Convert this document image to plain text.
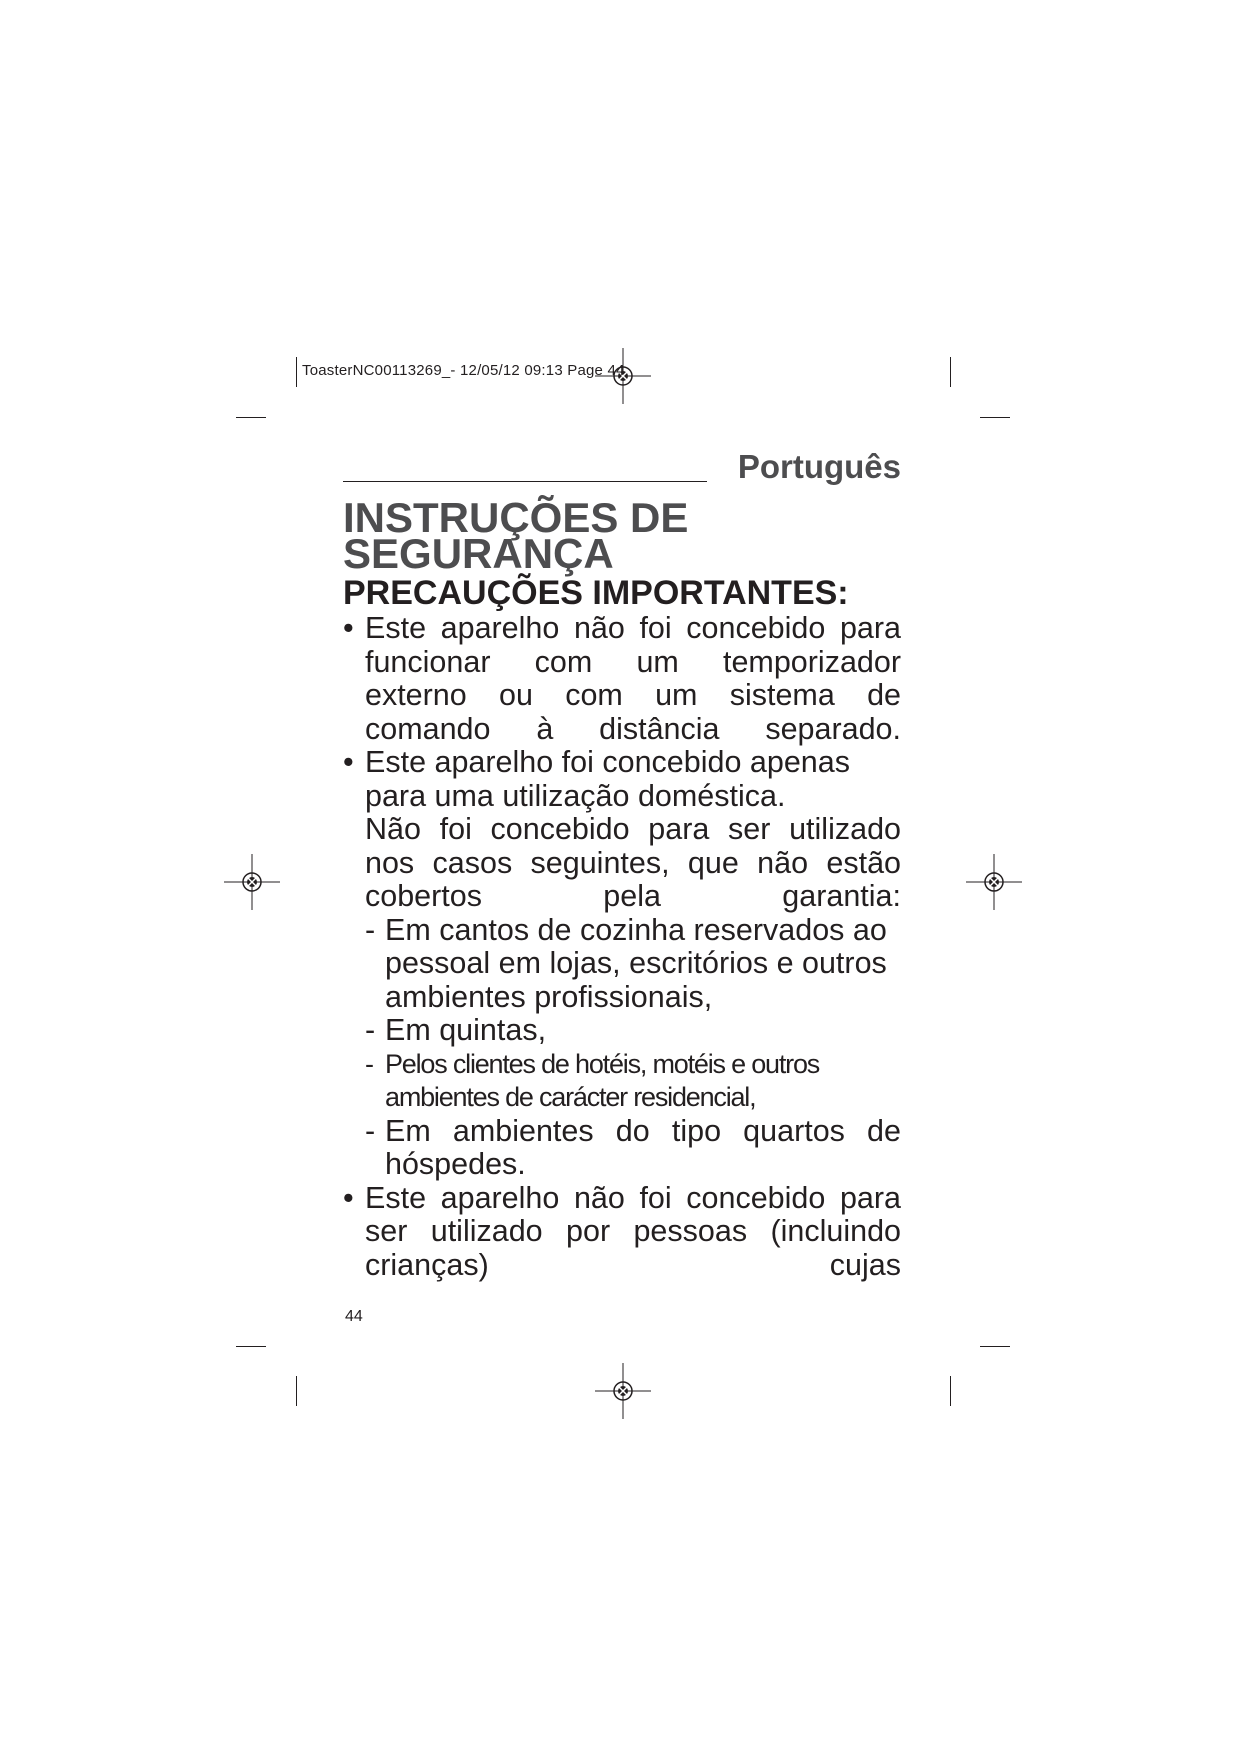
ToasterNC00113269_- 12/05/12 09:13 Page 44
Português
INSTRUÇÕES DE
SEGURANÇA
PRECAUÇÕES IMPORTANTES:
• Este aparelho não foi concebido para funcionar com um temporizador externo ou com um sistema de comando à distância separado.
• Este aparelho foi concebido apenas para uma utilização doméstica.
Não foi concebido para ser utilizado nos casos seguintes, que não estão cobertos pela garantia:
- Em cantos de cozinha reservados ao pessoal em lojas, escritórios e outros ambientes profissionais,
- Em quintas,
- Pelos clientes de hotéis, motéis e outros ambientes de carácter residencial,
- Em ambientes do tipo quartos de hóspedes.
• Este aparelho não foi concebido para ser utilizado por pessoas (incluindo crianças) cujas
44
